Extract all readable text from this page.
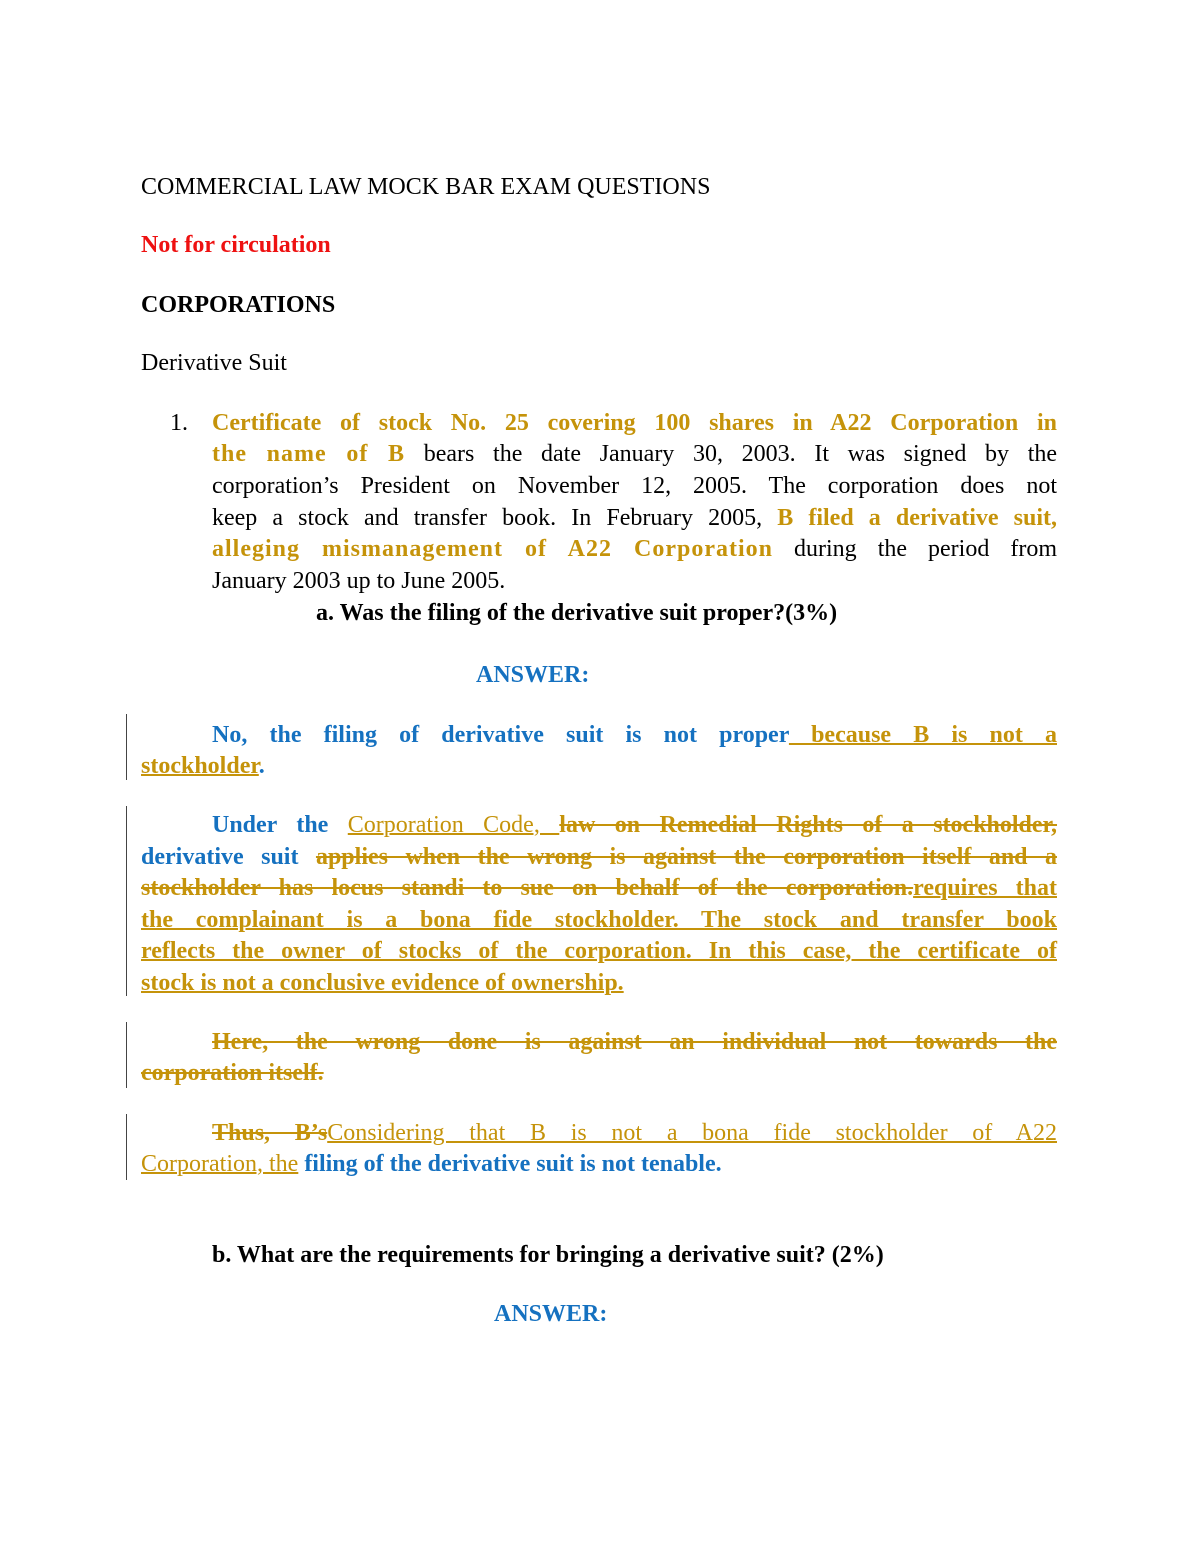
COMMERCIAL LAW MOCK BAR EXAM QUESTIONS
Not for circulation
CORPORATIONS
Derivative Suit
1. Certificate of stock No. 25 covering 100 shares in A22 Corporation in
the name of B bears the date January 30, 2003. It was signed by the
corporation’s President on November 12, 2005. The corporation does not
keep a stock and transfer book. In February 2005, B filed a derivative suit,
alleging mismanagement of A22 Corporation during the period from
January 2003 up to June 2005.
a. Was the filing of the derivative suit proper?(3%)
ANSWER:
No, the filing of derivative suit is not proper because B is not a
stockholder.
Under the Corporation Code, law on Remedial Rights of a stockholder,
derivative suit applies when the wrong is against the corporation itself and a
stockholder has locus standi to sue on behalf of the corporation.requires that
the complainant is a bona fide stockholder. The stock and transfer book
reflects the owner of stocks of the corporation. In this case, the certificate of
stock is not a conclusive evidence of ownership.
Here, the wrong done is against an individual not towards the
corporation itself.
Thus, B’sConsidering that B is not a bona fide stockholder of A22
Corporation, the filing of the derivative suit is not tenable.
b. What are the requirements for bringing a derivative suit? (2%)
ANSWER:
